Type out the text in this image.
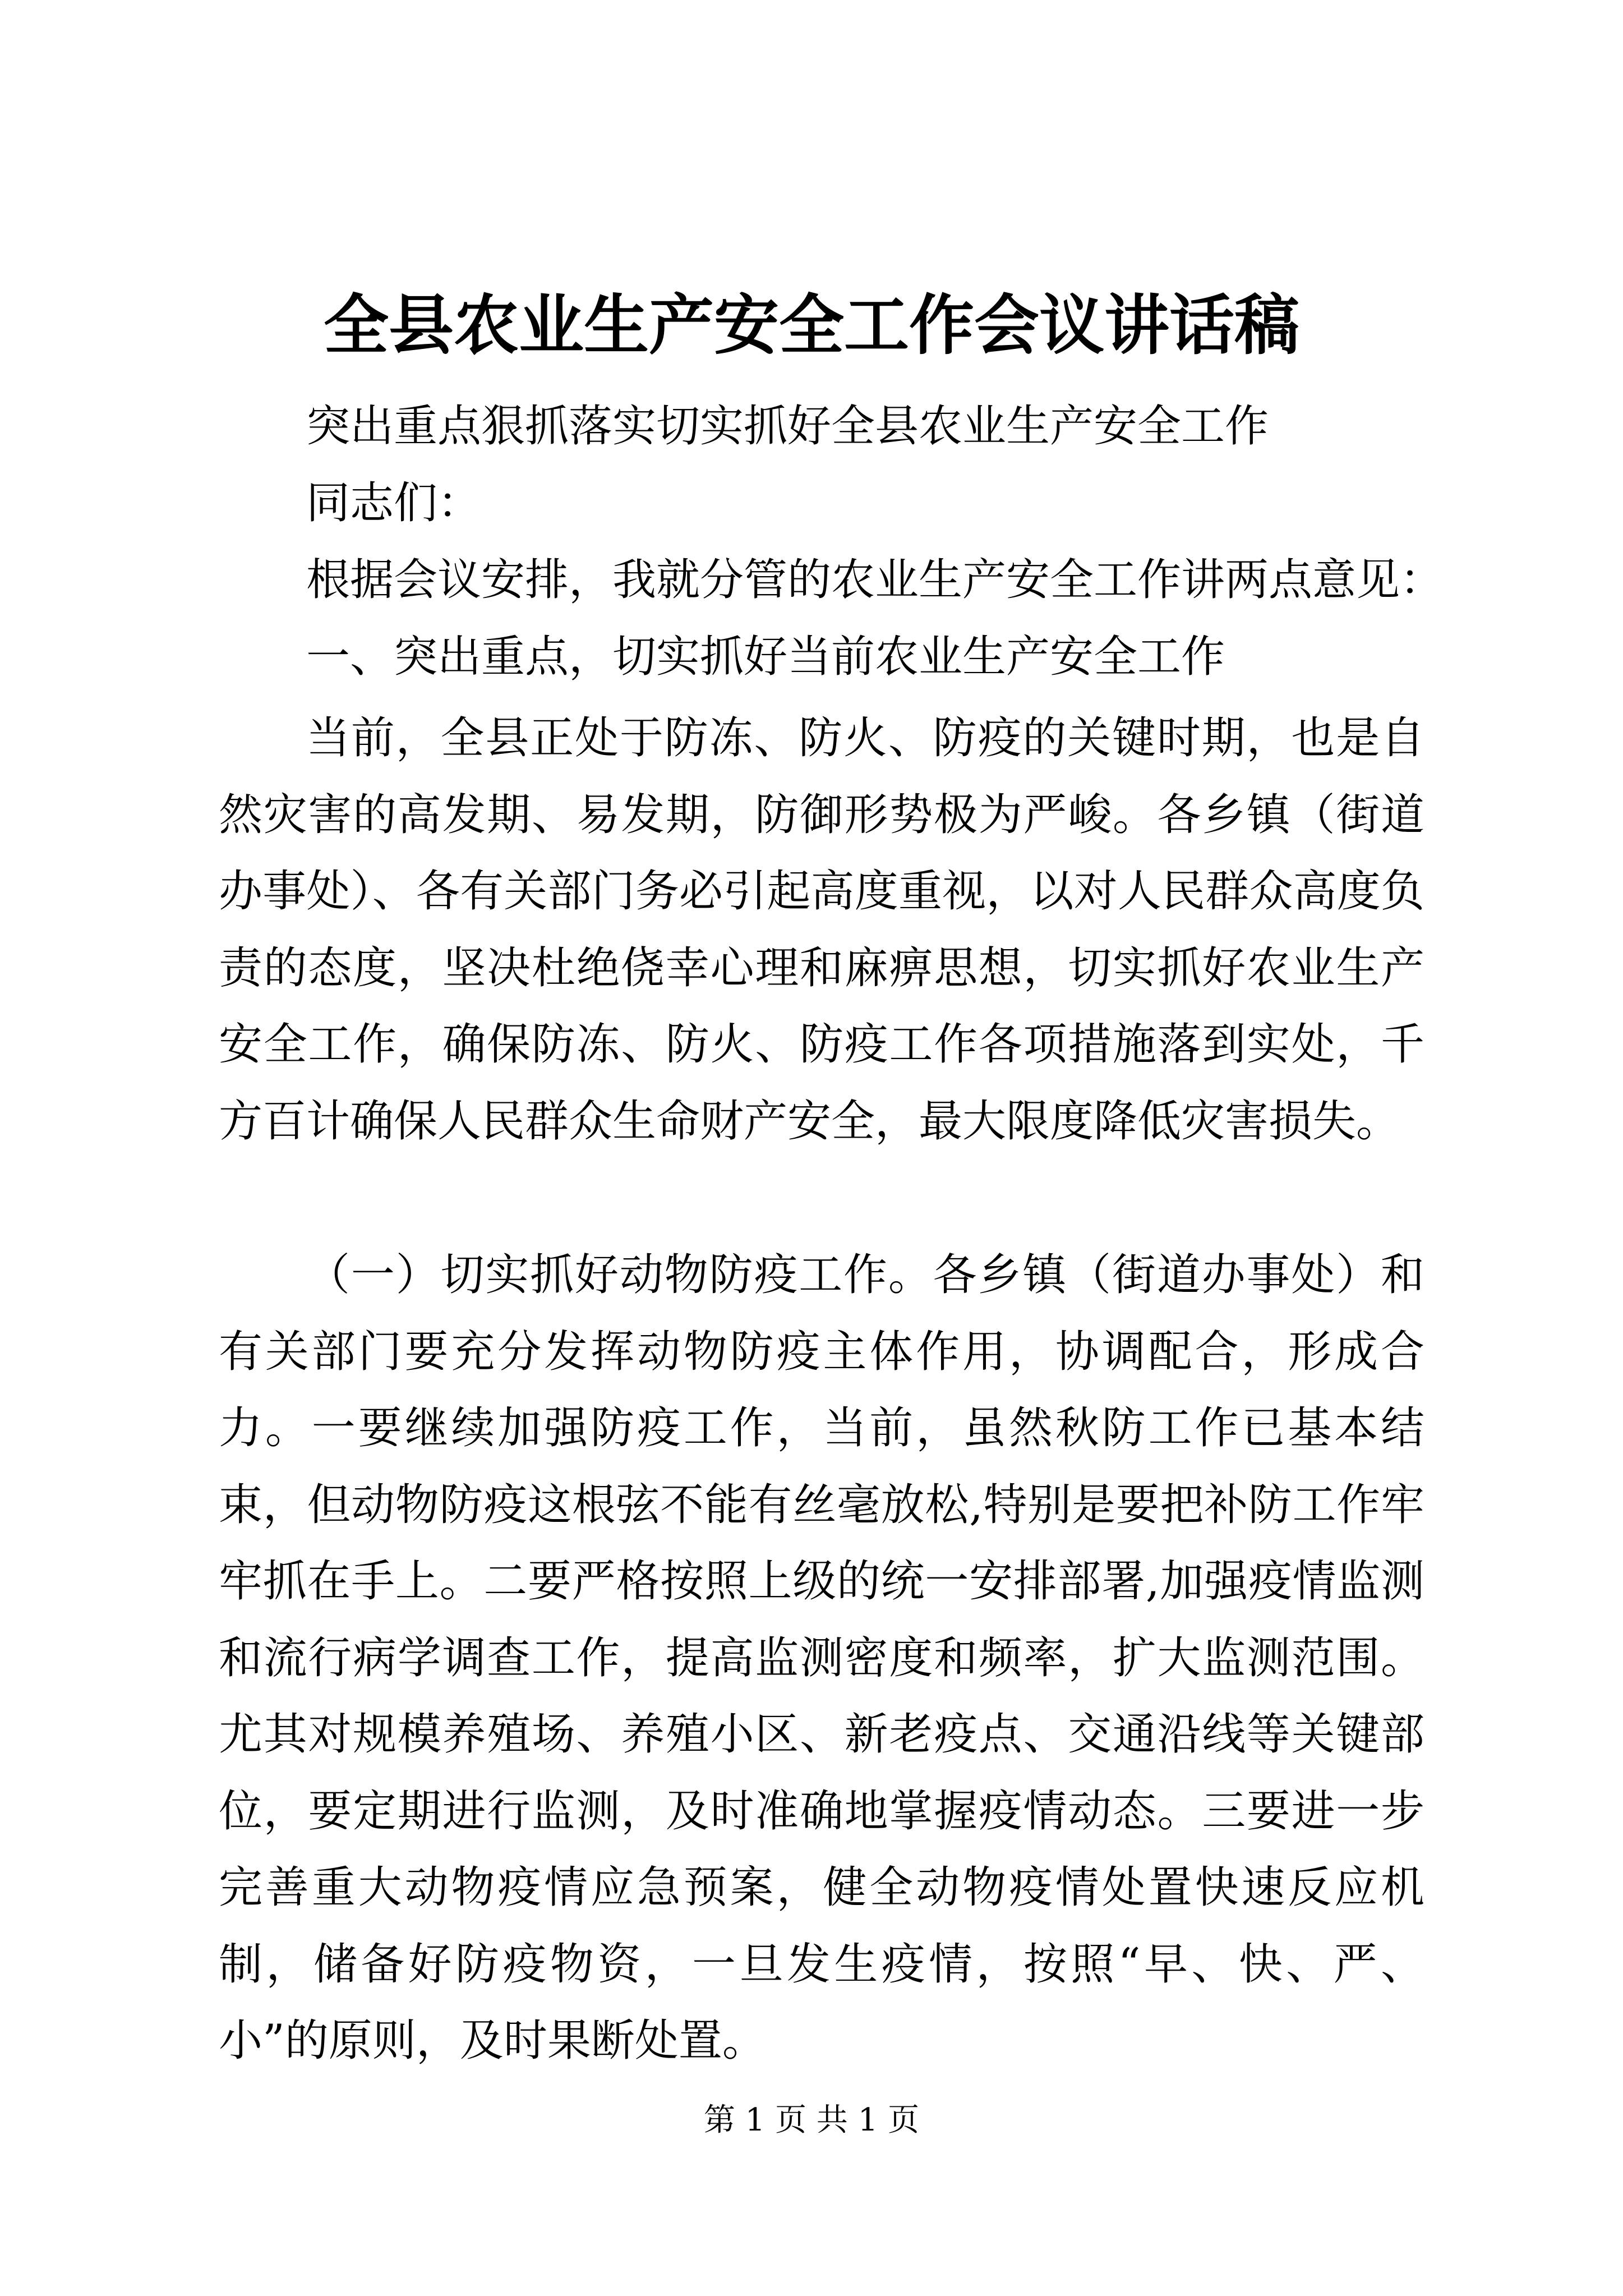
全县农业生产安全工作会议讲话稿
突出重点狠抓落实切实抓好全县农业生产安全工作
同志们：
根据会议安排，我就分管的农业生产安全工作讲两点意见：
一、突出重点，切实抓好当前农业生产安全工作

当前，全县正处于防冻、防火、防疫的关键时期，也是自然灾害的高发期、易发期，防御形势极为严峻。各乡镇（街道办事处）、各有关部门务必引起高度重视，以对人民群众高度负责的态度，坚决杜绝侥幸心理和麻痹思想，切实抓好农业生产安全工作，确保防冻、防火、防疫工作各项措施落到实处，千方百计确保人民群众生命财产安全，最大限度降低灾害损失。

（一）切实抓好动物防疫工作。各乡镇（街道办事处）和有关部门要充分发挥动物防疫主体作用，协调配合，形成合力。一要继续加强防疫工作，当前，虽然秋防工作已基本结束，但动物防疫这根弦不能有丝毫放松,特别是要把补防工作牢牢抓在手上。二要严格按照上级的统一安排部署,加强疫情监测和流行病学调查工作，提高监测密度和频率，扩大监测范围。尤其对规模养殖场、养殖小区、新老疫点、交通沿线等关键部位，要定期进行监测，及时准确地掌握疫情动态。三要进一步完善重大动物疫情应急预案，健全动物疫情处置快速反应机制，储备好防疫物资，一旦发生疫情，按照“早、快、严、小”的原则，及时果断处置。

第 1 页 共 1 页
